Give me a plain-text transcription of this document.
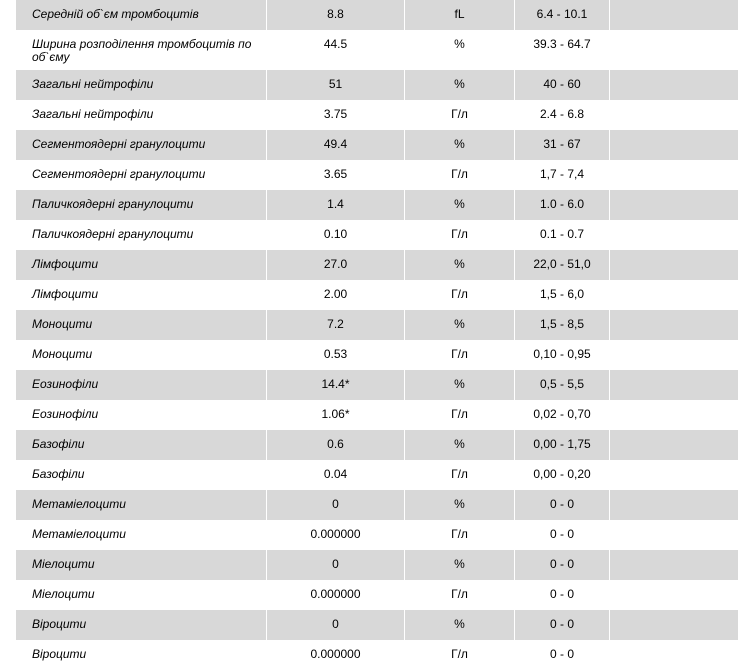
Середній об`єм тромбоцитів	8.8	fL	6.4 - 10.1	

Ширина розподілення тромбоцитів по об`єму	44.5	%	39.3 - 64.7	

Загальні нейтрофіли	51	%	40 - 60	

Загальні нейтрофіли	3.75	Г/л	2.4 - 6.8	

Сегментоядерні гранулоцити	49.4	%	31 - 67	

Сегментоядерні гранулоцити	3.65	Г/л	1,7 - 7,4	

Паличкоядерні гранулоцити	1.4	%	1.0 - 6.0	

Паличкоядерні гранулоцити	0.10	Г/л	0.1 - 0.7	

Лімфоцити	27.0	%	22,0 - 51,0	

Лімфоцити	2.00	Г/л	1,5 - 6,0	

Моноцити	7.2	%	1,5 - 8,5	

Моноцити	0.53	Г/л	0,10 - 0,95	

Еозинофіли	14.4*	%	0,5 - 5,5	

Еозинофіли	1.06*	Г/л	0,02 - 0,70	

Базофіли	0.6	%	0,00 - 1,75	

Базофіли	0.04	Г/л	0,00 - 0,20	

Метаміелоцити	0	%	0 - 0	

Метаміелоцити	0.000000	Г/л	0 - 0	

Міелоцити	0	%	0 - 0	

Міелоцити	0.000000	Г/л	0 - 0	

Віроцити	0	%	0 - 0	

Віроцити	0.000000	Г/л	0 - 0	
